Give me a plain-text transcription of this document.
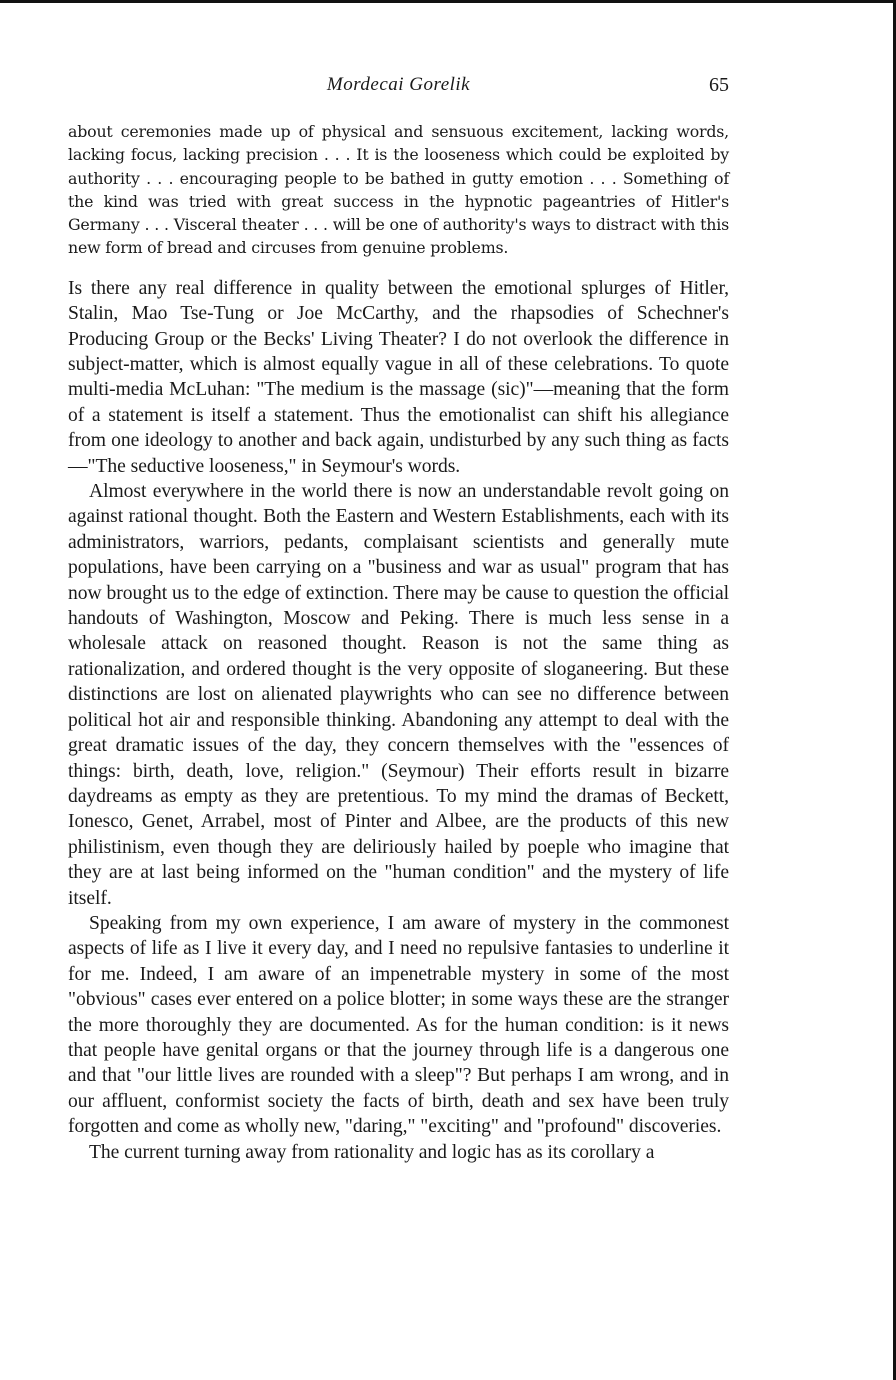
Mordecai Gorelik	65
about ceremonies made up of physical and sensuous excitement, lacking words, lacking focus, lacking precision . . . It is the looseness which could be exploited by authority . . . encouraging people to be bathed in gutty emotion . . . Something of the kind was tried with great success in the hypnotic pageantries of Hitler's Germany . . . Visceral theater . . . will be one of authority's ways to distract with this new form of bread and circuses from genuine problems.

Is there any real difference in quality between the emotional splurges of Hitler, Stalin, Mao Tse-Tung or Joe McCarthy, and the rhapsodies of Schechner's Producing Group or the Becks' Living Theater? I do not overlook the difference in subject-matter, which is almost equally vague in all of these celebrations. To quote multi-media McLuhan: "The medium is the massage (sic)"—meaning that the form of a statement is itself a statement. Thus the emotionalist can shift his allegiance from one ideology to another and back again, undisturbed by any such thing as facts—"The seductive looseness," in Seymour's words.

Almost everywhere in the world there is now an understandable revolt going on against rational thought. Both the Eastern and Western Establishments, each with its administrators, warriors, pedants, complaisant scientists and generally mute populations, have been carrying on a "business and war as usual" program that has now brought us to the edge of extinction. There may be cause to question the official handouts of Washington, Moscow and Peking. There is much less sense in a wholesale attack on reasoned thought. Reason is not the same thing as rationalization, and ordered thought is the very opposite of sloganeering. But these distinctions are lost on alienated playwrights who can see no difference between political hot air and responsible thinking. Abandoning any attempt to deal with the great dramatic issues of the day, they concern themselves with the "essences of things: birth, death, love, religion." (Seymour) Their efforts result in bizarre daydreams as empty as they are pretentious. To my mind the dramas of Beckett, Ionesco, Genet, Arrabel, most of Pinter and Albee, are the products of this new philistinism, even though they are deliriously hailed by poeple who imagine that they are at last being informed on the "human condition" and the mystery of life itself.

Speaking from my own experience, I am aware of mystery in the commonest aspects of life as I live it every day, and I need no repulsive fantasies to underline it for me. Indeed, I am aware of an impenetrable mystery in some of the most "obvious" cases ever entered on a police blotter; in some ways these are the stranger the more thoroughly they are documented. As for the human condition: is it news that people have genital organs or that the journey through life is a dangerous one and that "our little lives are rounded with a sleep"? But perhaps I am wrong, and in our affluent, conformist society the facts of birth, death and sex have been truly forgotten and come as wholly new, "daring," "exciting" and "profound" discoveries.

The current turning away from rationality and logic has as its corollary a
